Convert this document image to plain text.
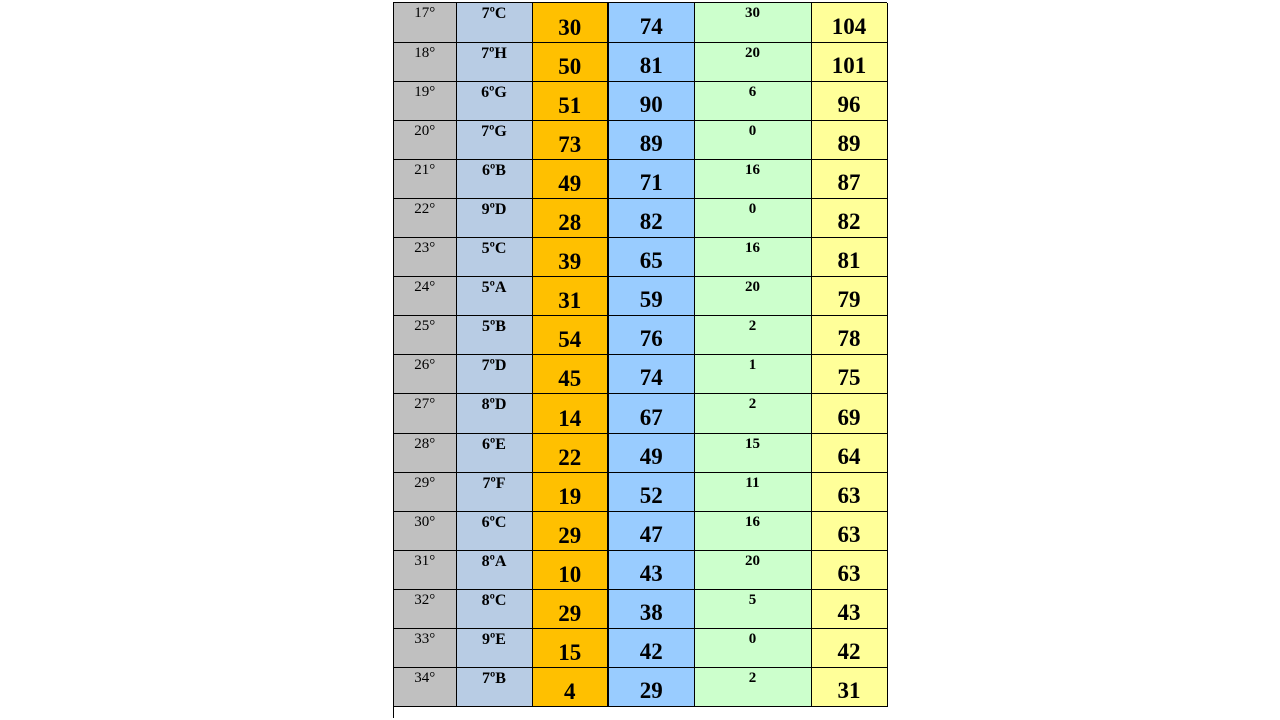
17°	7ºC	30	74	30	104
18°	7ºH	50	81	20	101
19°	6ºG	51	90	6	96
20°	7ºG	73	89	0	89
21°	6ºB	49	71	16	87
22°	9ºD	28	82	0	82
23°	5ºC	39	65	16	81
24°	5ºA	31	59	20	79
25°	5ºB	54	76	2	78
26°	7ºD	45	74	1	75
27°	8ºD	14	67	2	69
28°	6ºE	22	49	15	64
29°	7ºF	19	52	11	63
30°	6ºC	29	47	16	63
31°	8ºA	10	43	20	63
32°	8ºC	29	38	5	43
33°	9ºE	15	42	0	42
34°	7ºB	4	29	2	31
